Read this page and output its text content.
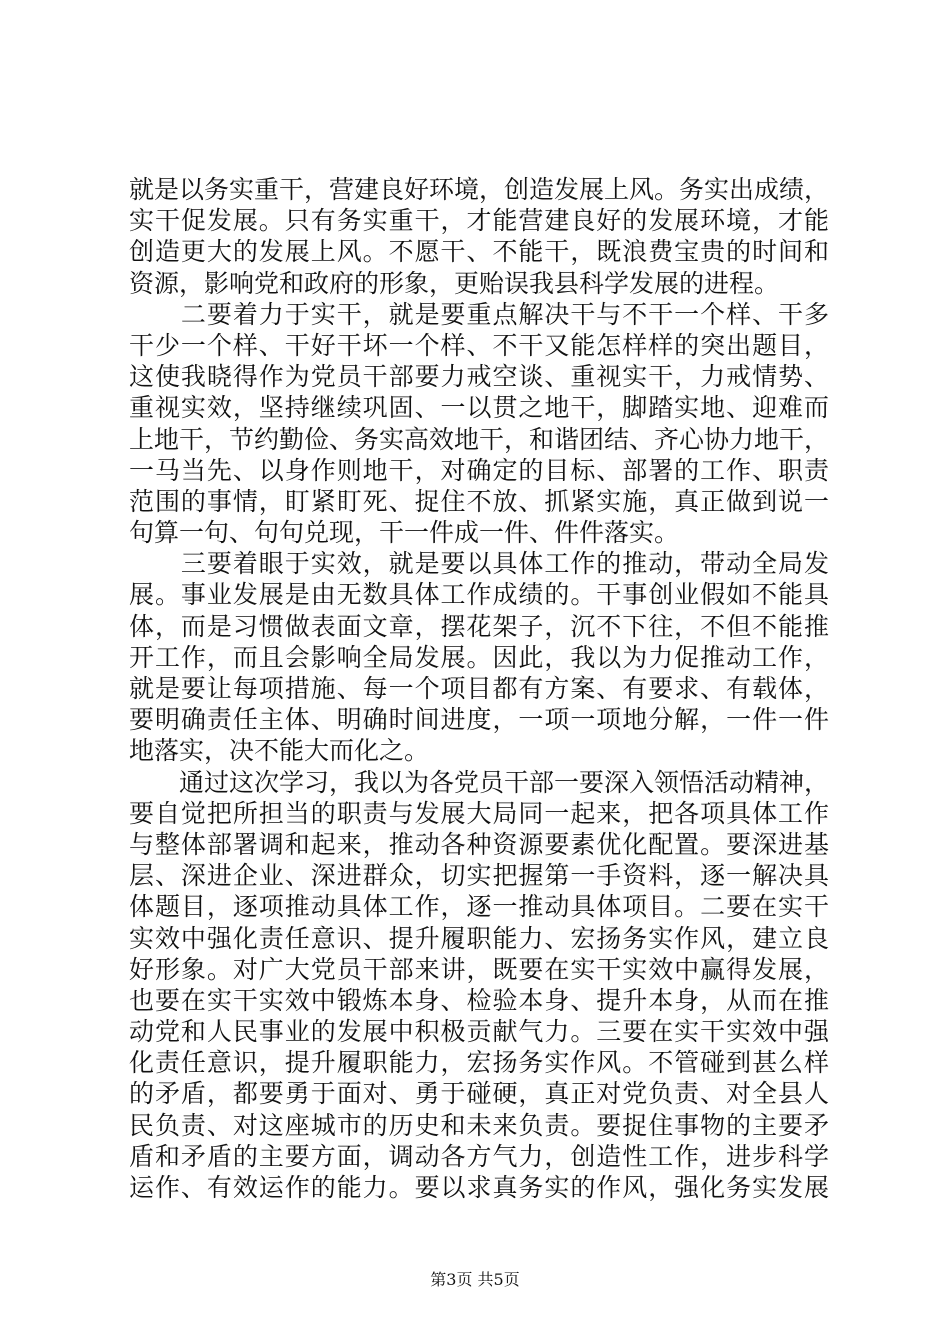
就是以务实重干，营建良好环境，创造发展上风。务实出成绩，
实干促发展。只有务实重干，才能营建良好的发展环境，才能
创造更大的发展上风。不愿干、不能干，既浪费宝贵的时间和
资源，影响党和政府的形象，更贻误我县科学发展的进程。
　　二要着力于实干，就是要重点解决干与不干一个样、干多
干少一个样、干好干坏一个样、不干又能怎样样的突出题目，
这使我晓得作为党员干部要力戒空谈、重视实干，力戒情势、
重视实效，坚持继续巩固、一以贯之地干，脚踏实地、迎难而
上地干，节约勤俭、务实高效地干，和谐团结、齐心协力地干，
一马当先、以身作则地干，对确定的目标、部署的工作、职责
范围的事情，盯紧盯死、捉住不放、抓紧实施，真正做到说一
句算一句、句句兑现，干一件成一件、件件落实。
　　三要着眼于实效，就是要以具体工作的推动，带动全局发
展。事业发展是由无数具体工作成绩的。干事创业假如不能具
体，而是习惯做表面文章，摆花架子，沉不下往，不但不能推
开工作，而且会影响全局发展。因此，我以为力促推动工作，
就是要让每项措施、每一个项目都有方案、有要求、有载体，
要明确责任主体、明确时间进度，一项一项地分解，一件一件
地落实，决不能大而化之。
　　通过这次学习，我以为各党员干部一要深入领悟活动精神，
要自觉把所担当的职责与发展大局同一起来，把各项具体工作
与整体部署调和起来，推动各种资源要素优化配置。要深进基
层、深进企业、深进群众，切实把握第一手资料，逐一解决具
体题目，逐项推动具体工作，逐一推动具体项目。二要在实干
实效中强化责任意识、提升履职能力、宏扬务实作风，建立良
好形象。对广大党员干部来讲，既要在实干实效中赢得发展，
也要在实干实效中锻炼本身、检验本身、提升本身，从而在推
动党和人民事业的发展中积极贡献气力。三要在实干实效中强
化责任意识，提升履职能力，宏扬务实作风。不管碰到甚么样
的矛盾，都要勇于面对、勇于碰硬，真正对党负责、对全县人
民负责、对这座城市的历史和未来负责。要捉住事物的主要矛
盾和矛盾的主要方面，调动各方气力，创造性工作，进步科学
运作、有效运作的能力。要以求真务实的作风，强化务实发展
第3页 共5页
